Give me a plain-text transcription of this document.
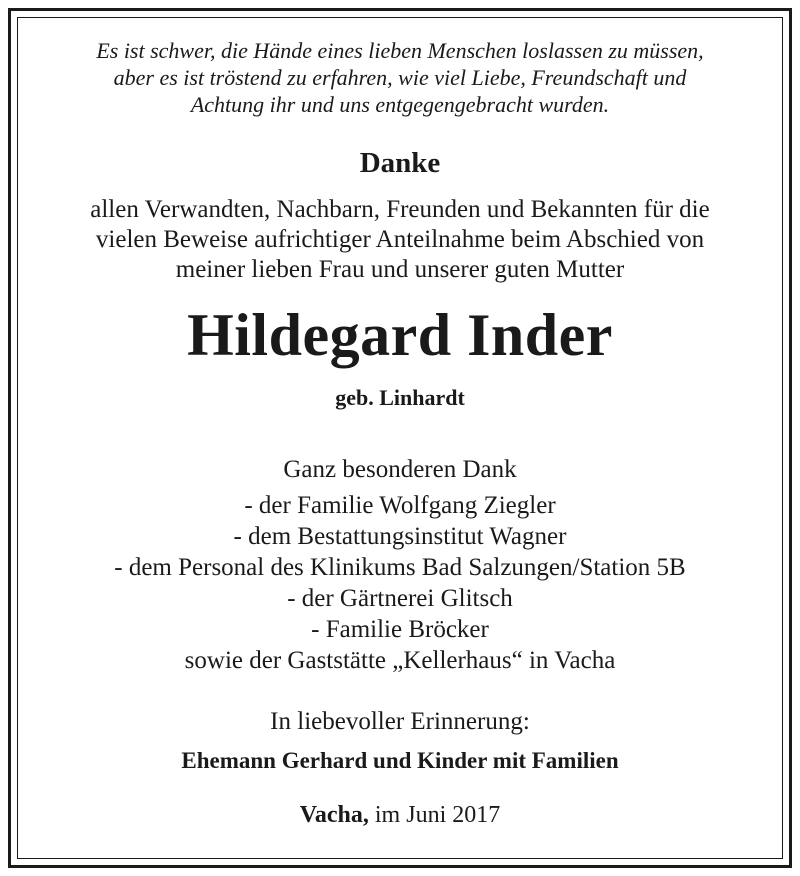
Es ist schwer, die Hände eines lieben Menschen loslassen zu müssen,
aber es ist tröstend zu erfahren, wie viel Liebe, Freundschaft und
Achtung ihr und uns entgegengebracht wurden.
Danke
allen Verwandten, Nachbarn, Freunden und Bekannten für die
vielen Beweise aufrichtiger Anteilnahme beim Abschied von
meiner lieben Frau und unserer guten Mutter
Hildegard Inder
geb. Linhardt
Ganz besonderen Dank
- der Familie Wolfgang Ziegler
- dem Bestattungsinstitut Wagner
- dem Personal des Klinikums Bad Salzungen/Station 5B
- der Gärtnerei Glitsch
- Familie Bröcker
sowie der Gaststätte „Kellerhaus“ in Vacha
In liebevoller Erinnerung:
Ehemann Gerhard und Kinder mit Familien
Vacha, im Juni 2017
